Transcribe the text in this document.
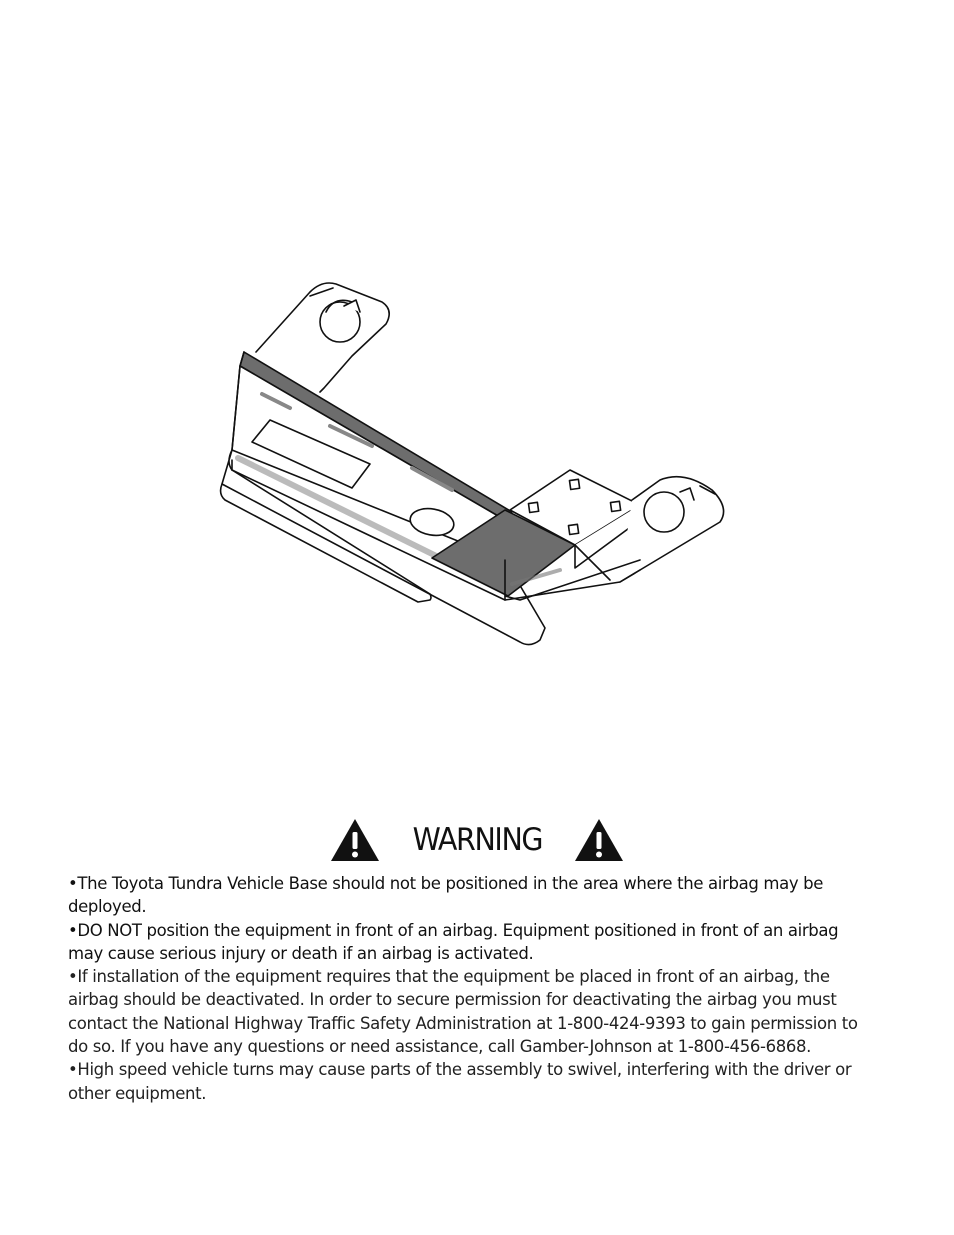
WARNING

•The Toyota Tundra Vehicle Base should not be positioned in the area where the airbag may be deployed.

•DO NOT position the equipment in front of an airbag. Equipment positioned in front of an airbag may cause serious injury or death if an airbag is activated.

•If installation of the equipment requires that the equipment be placed in front of an airbag, the airbag should be deactivated. In order to secure permission for deactivating the airbag you must contact the National Highway Traffic Safety Administration at 1-800-424-9393 to gain permission to do so. If you have any questions or need assistance, call Gamber-Johnson at 1-800-456-6868.

•High speed vehicle turns may cause parts of the assembly to swivel, interfering with the driver or other equipment.
